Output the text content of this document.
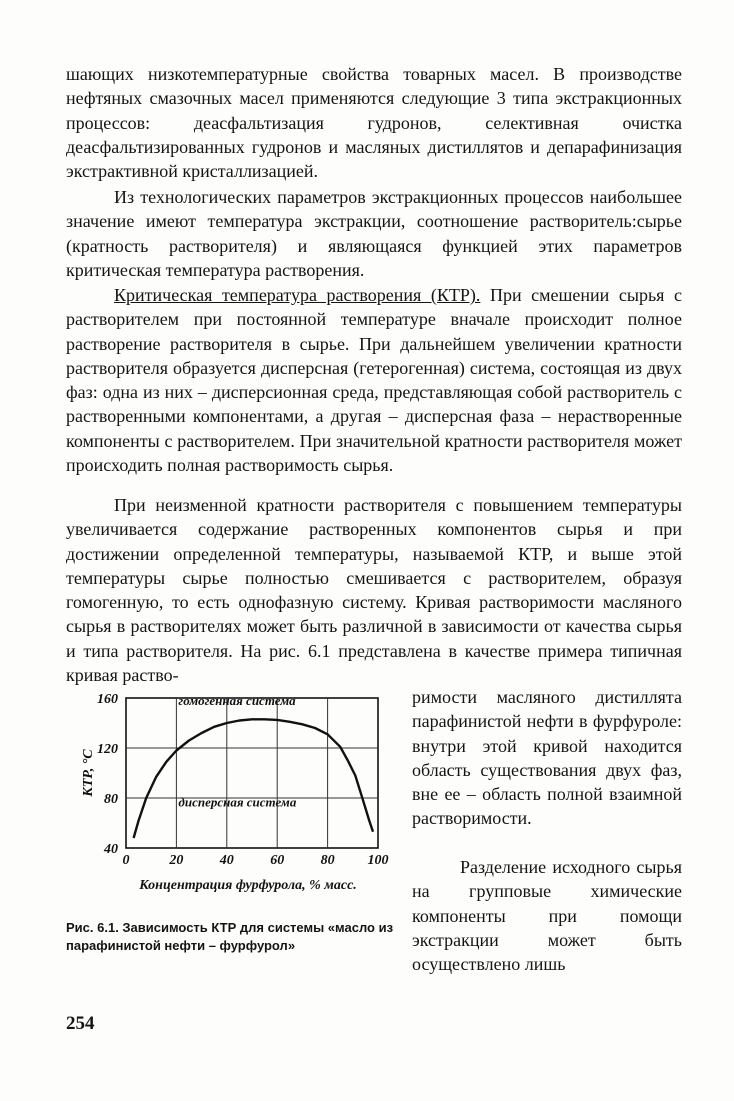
шающих низкотемпературные свойства товарных масел. В производстве нефтяных смазочных масел применяются следующие 3 типа экстракционных процессов: деасфальтизация гудронов, селективная очистка деасфальтизированных гудронов и масляных дистиллятов и депарафинизация экстрактивной кристаллизацией.

Из технологических параметров экстракционных процессов наибольшее значение имеют температура экстракции, соотношение растворитель:сырье (кратность растворителя) и являющаяся функцией этих параметров критическая температура растворения.

Критическая температура растворения (КТР). При смешении сырья с растворителем при постоянной температуре вначале происходит полное растворение растворителя в сырье. При дальнейшем увеличении кратности растворителя образуется дисперсная (гетерогенная) система, состоящая из двух фаз: одна из них – дисперсионная среда, представляющая собой растворитель с растворенными компонентами, а другая – дисперсная фаза – нерастворенные компоненты с растворителем. При значительной кратности растворителя может происходить полная растворимость сырья.

При неизменной кратности растворителя с повышением температуры увеличивается содержание растворенных компонентов сырья и при достижении определенной температуры, называемой КТР, и выше этой температуры сырье полностью смешивается с растворителем, образуя гомогенную, то есть однофазную систему. Кривая растворимости масляного сырья в растворителях может быть различной в зависимости от качества сырья и типа растворителя. На рис. 6.1 представлена в качестве примера типичная кривая раство-

римости масляного дистиллята парафинистой нефти в фурфуроле: внутри этой кривой находится область существования двух фаз, вне ее – область полной взаимной растворимости.

Разделение исходного сырья на групповые химические компоненты при помощи экстракции может быть осуществлено лишь

0	20	40	60	80 100
40
80
120
160
КТР, °С
гомогенная система
дисперсная система
Концентрация фурфурола, % масс.

Рис. 6.1. Зависимость КТР для системы «масло из парафинистой нефти – фурфурол»

254
